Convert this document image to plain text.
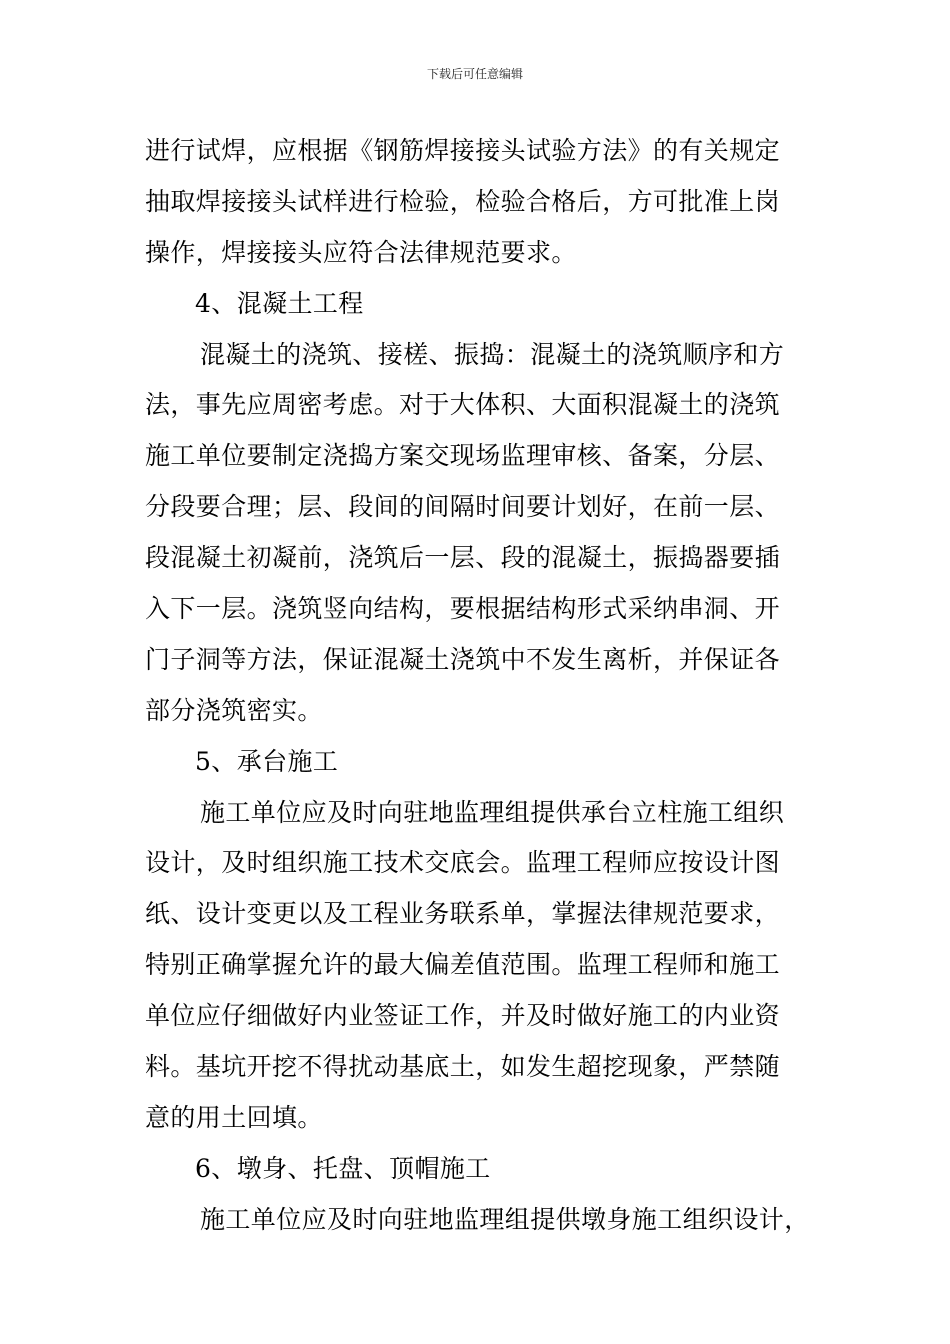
下载后可任意编辑
进行试焊，应根据《钢筋焊接接头试验方法》的有关规定
抽取焊接接头试样进行检验，检验合格后，方可批准上岗
操作，焊接接头应符合法律规范要求。
4、混凝土工程
混凝土的浇筑、接槎、振捣：混凝土的浇筑顺序和方
法，事先应周密考虑。对于大体积、大面积混凝土的浇筑
施工单位要制定浇捣方案交现场监理审核、备案，分层、
分段要合理；层、段间的间隔时间要计划好，在前一层、
段混凝土初凝前，浇筑后一层、段的混凝土，振捣器要插
入下一层。浇筑竖向结构，要根据结构形式采纳串洞、开
门子洞等方法，保证混凝土浇筑中不发生离析，并保证各
部分浇筑密实。
5、承台施工
施工单位应及时向驻地监理组提供承台立柱施工组织
设计，及时组织施工技术交底会。监理工程师应按设计图
纸、设计变更以及工程业务联系单，掌握法律规范要求，
特别正确掌握允许的最大偏差值范围。监理工程师和施工
单位应仔细做好内业签证工作，并及时做好施工的内业资
料。基坑开挖不得扰动基底土，如发生超挖现象，严禁随
意的用土回填。
6、墩身、托盘、顶帽施工
施工单位应及时向驻地监理组提供墩身施工组织设计，
